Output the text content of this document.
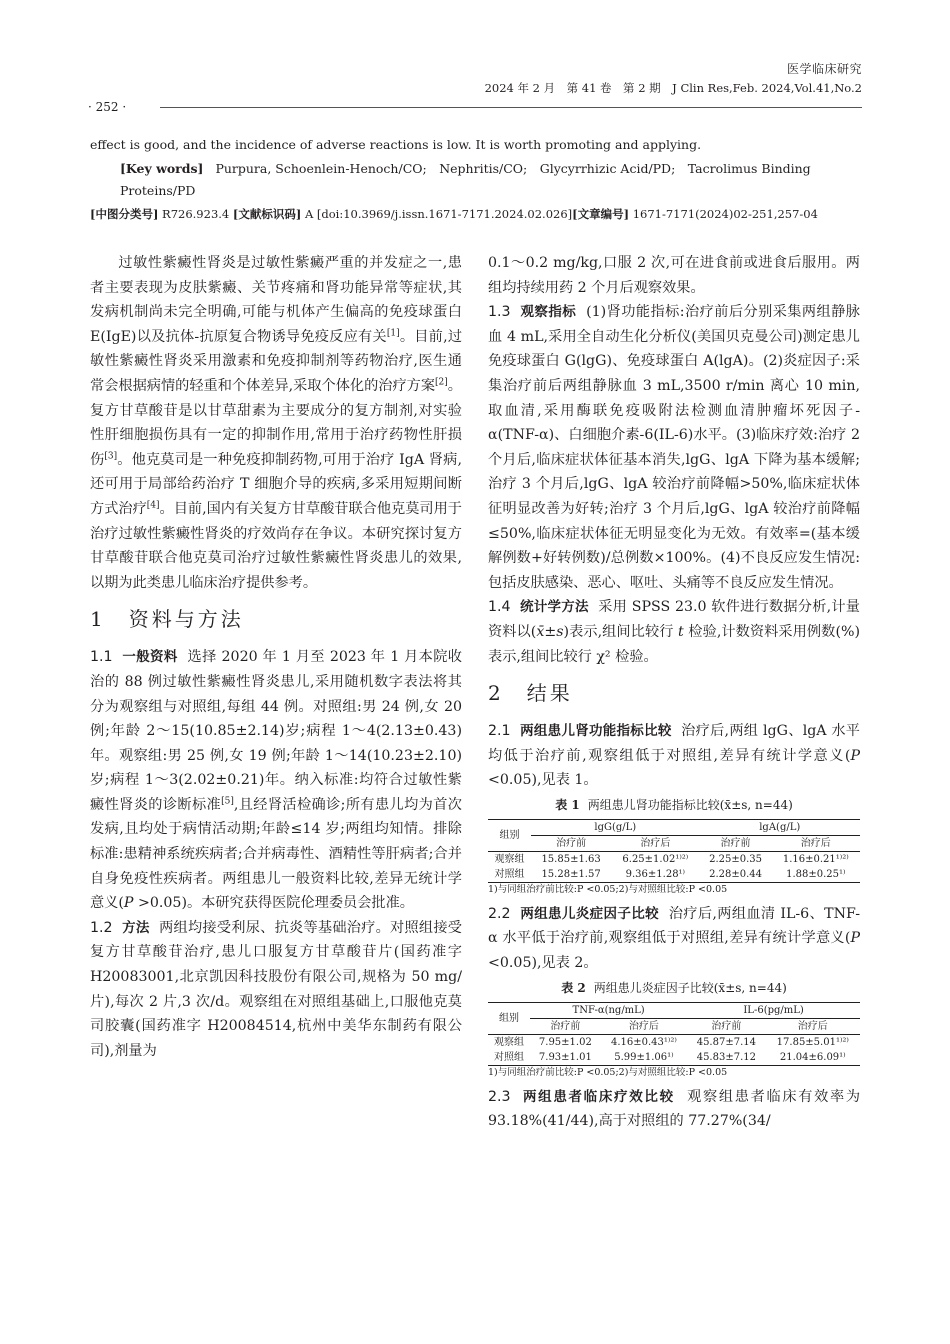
医学临床研究
2024 年 2 月　第 41 卷　第 2 期　J Clin Res,Feb. 2024,Vol.41,No.2
· 252 ·
effect is good, and the incidence of adverse reactions is low. It is worth promoting and applying.
[Key words] Purpura, Schoenlein-Henoch/CO;　Nephritis/CO;　Glycyrrhizic Acid/PD;　Tacrolimus Binding Proteins/PD
[中图分类号] R726.923.4 [文献标识码] A [doi:10.3969/j.issn.1671-7171.2024.02.026][文章编号] 1671-7171(2024)02-251,257-04

过敏性紫癜性肾炎是过敏性紫癜严重的并发症之一,患者主要表现为皮肤紫癜、关节疼痛和肾功能异常等症状,其发病机制尚未完全明确,可能与机体产生偏高的免疫球蛋白 E(IgE)以及抗体-抗原复合物诱导免疫反应有关[1]。目前,过敏性紫癜性肾炎采用激素和免疫抑制剂等药物治疗,医生通常会根据病情的轻重和个体差异,采取个体化的治疗方案[2]。复方甘草酸苷是以甘草甜素为主要成分的复方制剂,对实验性肝细胞损伤具有一定的抑制作用,常用于治疗药物性肝损伤[3]。他克莫司是一种免疫抑制药物,可用于治疗 IgA 肾病,还可用于局部给药治疗 T 细胞介导的疾病,多采用短期间断方式治疗[4]。目前,国内有关复方甘草酸苷联合他克莫司用于治疗过敏性紫癜性肾炎的疗效尚存在争议。本研究探讨复方甘草酸苷联合他克莫司治疗过敏性紫癜性肾炎患儿的效果,以期为此类患儿临床治疗提供参考。

1　资料与方法

1.1 一般资料 选择 2020 年 1 月至 2023 年 1 月本院收治的 88 例过敏性紫癜性肾炎患儿,采用随机数字表法将其分为观察组与对照组,每组 44 例。对照组:男 24 例,女 20 例;年龄 2～15(10.85±2.14)岁;病程 1～4(2.13±0.43)年。观察组:男 25 例,女 19 例;年龄 1～14(10.23±2.10)岁;病程 1～3(2.02±0.21)年。纳入标准:均符合过敏性紫癜性肾炎的诊断标准[5],且经肾活检确诊;所有患儿均为首次发病,且均处于病情活动期;年龄≤14 岁;两组均知情。排除标准:患精神系统疾病者;合并病毒性、酒精性等肝病者;合并自身免疫性疾病者。两组患儿一般资料比较,差异无统计学意义(P >0.05)。本研究获得医院伦理委员会批准。

1.2 方法 两组均接受利尿、抗炎等基础治疗。对照组接受复方甘草酸苷治疗,患儿口服复方甘草酸苷片(国药准字 H20083001,北京凯因科技股份有限公司,规格为 50 mg/片),每次 2 片,3 次/d。观察组在对照组基础上,口服他克莫司胶囊(国药准字 H20084514,杭州中美华东制药有限公司),剂量为

0.1～0.2 mg/kg,口服 2 次,可在进食前或进食后服用。两组均持续用药 2 个月后观察效果。

1.3 观察指标 (1)肾功能指标:治疗前后分别采集两组静脉血 4 mL,采用全自动生化分析仪(美国贝克曼公司)测定患儿免疫球蛋白 G(lgG)、免疫球蛋白 A(lgA)。(2)炎症因子:采集治疗前后两组静脉血 3 mL,3500 r/min 离心 10 min,取血清,采用酶联免疫吸附法检测血清肿瘤坏死因子-α(TNF-α)、白细胞介素-6(IL-6)水平。(3)临床疗效:治疗 2 个月后,临床症状体征基本消失,lgG、lgA 下降为基本缓解;治疗 3 个月后,lgG、lgA 较治疗前降幅>50%,临床症状体征明显改善为好转;治疗 3 个月后,lgG、lgA 较治疗前降幅≤50%,临床症状体征无明显变化为无效。有效率=(基本缓解例数+好转例数)/总例数×100%。(4)不良反应发生情况:包括皮肤感染、恶心、呕吐、头痛等不良反应发生情况。

1.4 统计学方法 采用 SPSS 23.0 软件进行数据分析,计量资料以(x̄±s)表示,组间比较行 t 检验,计数资料采用例数(%)表示,组间比较行 χ² 检验。

2　结果

2.1 两组患儿肾功能指标比较 治疗后,两组 lgG、lgA 水平均低于治疗前,观察组低于对照组,差异有统计学意义(P <0.05),见表 1。

表 1 两组患儿肾功能指标比较(x̄±s, n=44)

组别	lgG(g/L)		lgA(g/L)	
	治疗前	治疗后	治疗前	治疗后
观察组	15.85±1.63	6.25±1.02¹⁾²⁾	2.25±0.35	1.16±0.21¹⁾²⁾
对照组	15.28±1.57	9.36±1.28¹⁾	2.28±0.44	1.88±0.25¹⁾

1)与同组治疗前比较:P <0.05;2)与对照组比较:P <0.05

2.2 两组患儿炎症因子比较 治疗后,两组血清 IL-6、TNF-α 水平低于治疗前,观察组低于对照组,差异有统计学意义(P <0.05),见表 2。

表 2 两组患儿炎症因子比较(x̄±s, n=44)

组别	TNF-α(ng/mL)		IL-6(pg/mL)	
	治疗前	治疗后	治疗前	治疗后
观察组	7.95±1.02	4.16±0.43¹⁾²⁾	45.87±7.14	17.85±5.01¹⁾²⁾
对照组	7.93±1.01	5.99±1.06¹⁾	45.83±7.12	21.04±6.09¹⁾

1)与同组治疗前比较:P <0.05;2)与对照组比较:P <0.05

2.3 两组患者临床疗效比较 观察组患者临床有效率为 93.18%(41/44),高于对照组的 77.27%(34/
